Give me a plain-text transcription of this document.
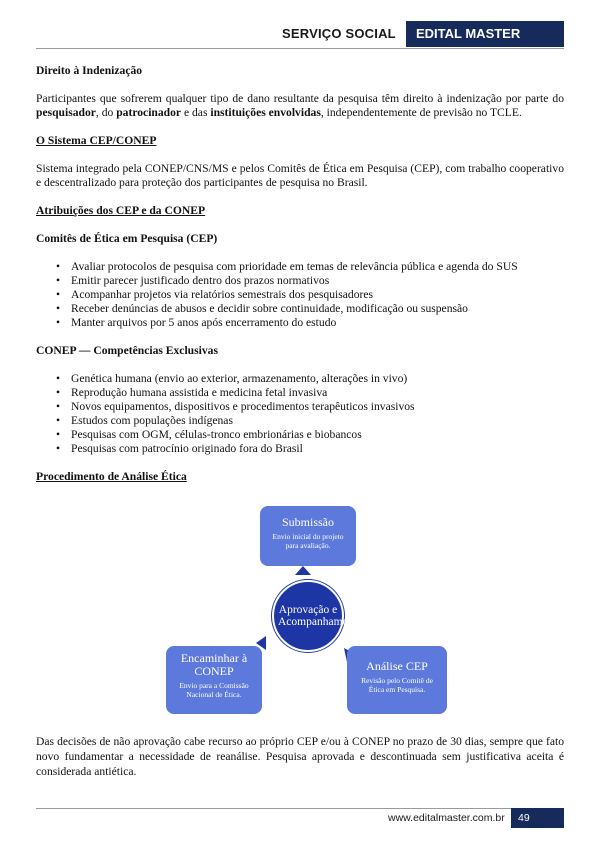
SERVIÇO SOCIAL	EDITAL MASTER

Direito à Indenização

Participantes que sofrerem qualquer tipo de dano resultante da pesquisa têm direito à indenização por parte do pesquisador, do patrocinador e das instituições envolvidas, independentemente de previsão no TCLE.

O Sistema CEP/CONEP

Sistema integrado pela CONEP/CNS/MS e pelos Comitês de Ética em Pesquisa (CEP), com trabalho cooperativo e descentralizado para proteção dos participantes de pesquisa no Brasil.

Atribuições dos CEP e da CONEP

Comitês de Ética em Pesquisa (CEP)

• Avaliar protocolos de pesquisa com prioridade em temas de relevância pública e agenda do SUS
• Emitir parecer justificado dentro dos prazos normativos
• Acompanhar projetos via relatórios semestrais dos pesquisadores
• Receber denúncias de abusos e decidir sobre continuidade, modificação ou suspensão
• Manter arquivos por 5 anos após encerramento do estudo

CONEP — Competências Exclusivas

• Genética humana (envio ao exterior, armazenamento, alterações in vivo)
• Reprodução humana assistida e medicina fetal invasiva
• Novos equipamentos, dispositivos e procedimentos terapêuticos invasivos
• Estudos com populações indígenas
• Pesquisas com OGM, células-tronco embrionárias e biobancos
• Pesquisas com patrocínio originado fora do Brasil

Procedimento de Análise Ética

Submissão
Envio inicial do projeto para avaliação.
Análise CEP
Revisão pelo Comitê de Ética em Pesquisa.
Encaminhar à CONEP
Envio para a Comissão Nacional de Ética.
Aprovação e Acompanhamento

Das decisões de não aprovação cabe recurso ao próprio CEP e/ou à CONEP no prazo de 30 dias, sempre que fato novo fundamentar a necessidade de reanálise. Pesquisa aprovada e descontinuada sem justificativa aceita é considerada antiética.

www.editalmaster.com.br	49
